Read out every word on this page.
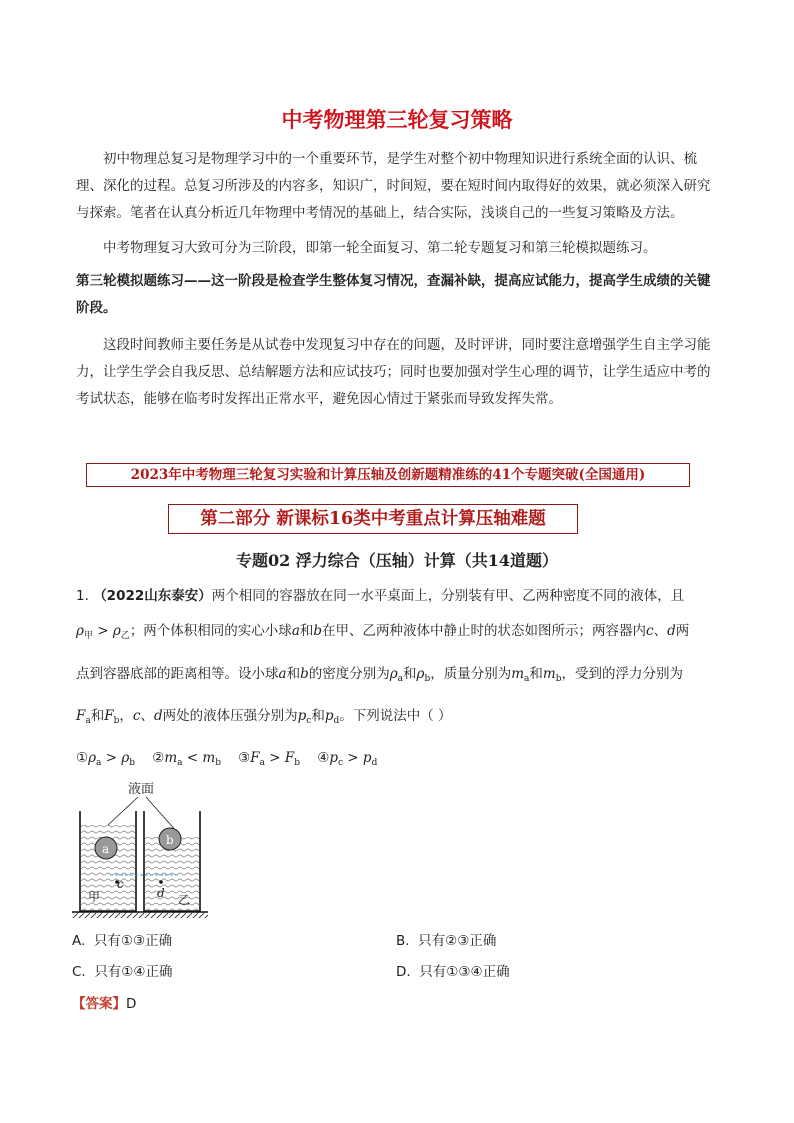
中考物理第三轮复习策略
初中物理总复习是物理学习中的一个重要环节，是学生对整个初中物理知识进行系统全面的认识、梳理、深化的过程。总复习所涉及的内容多，知识广，时间短，要在短时间内取得好的效果，就必须深入研究与探索。笔者在认真分析近几年物理中考情况的基础上，结合实际，浅谈自己的一些复习策略及方法。
中考物理复习大致可分为三阶段，即第一轮全面复习、第二轮专题复习和第三轮模拟题练习。
第三轮模拟题练习——这一阶段是检查学生整体复习情况，查漏补缺，提高应试能力，提高学生成绩的关键阶段。
这段时间教师主要任务是从试卷中发现复习中存在的问题，及时评讲，同时要注意增强学生自主学习能力，让学生学会自我反思、总结解题方法和应试技巧；同时也要加强对学生心理的调节，让学生适应中考的考试状态，能够在临考时发挥出正常水平，避免因心情过于紧张而导致发挥失常。
2023年中考物理三轮复习实验和计算压轴及创新题精准练的41个专题突破(全国通用)
第二部分 新课标16类中考重点计算压轴难题
专题02 浮力综合（压轴）计算（共14道题）
1. （2022山东泰安）两个相同的容器放在同一水平桌面上，分别装有甲、乙两种密度不同的液体，且
$\rho_甲 > \rho_乙$；两个体积相同的实心小球a和b在甲、乙两种液体中静止时的状态如图所示；两容器内c、d两
点到容器底部的距离相等。设小球a和b的密度分别为$\rho_a$和$\rho_b$，质量分别为$m_a$和$m_b$，受到的浮力分别为
$F_a$和$F_b$，c、d两处的液体压强分别为$p_c$和$p_d$。下列说法中（ ）
$①\rho_a > \rho_b$ $②m_a < m_b$ $③F_a > F_b$ $④p_c > p_d$
液面
a
b
c
d
甲	乙
A. 只有①③正确	B. 只有②③正确
C. 只有①④正确	D. 只有①③④正确
【答案】D
